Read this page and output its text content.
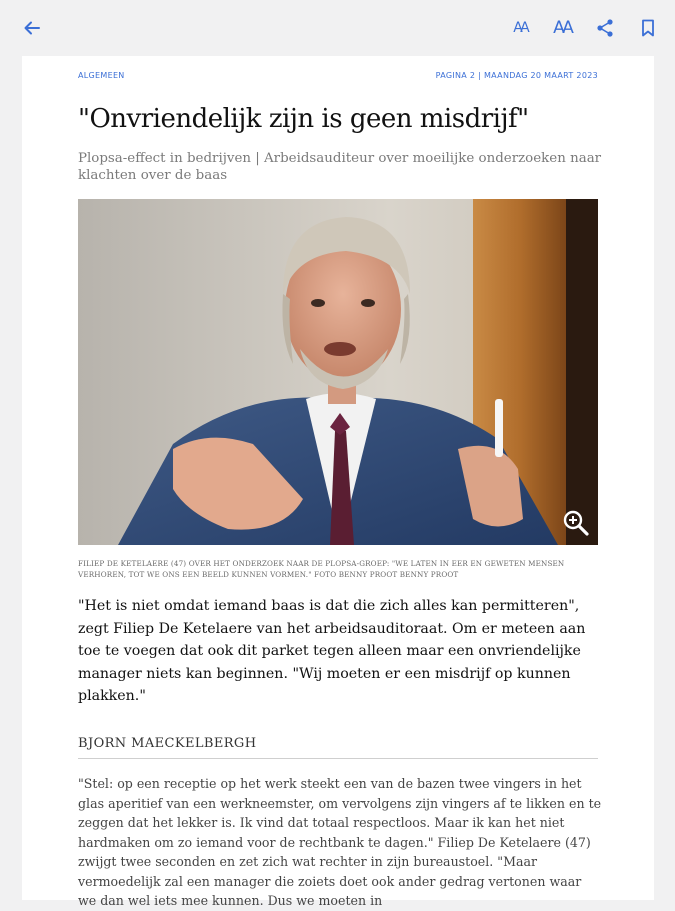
AA AA
ALGEMEEN	PAGINA 2 | MAANDAG 20 MAART 2023
"Onvriendelijk zijn is geen misdrijf"

Plopsa-effect in bedrijven | Arbeidsauditeur over moeilijke onderzoeken naar klachten over de baas

FILIEP DE KETELAERE (47) OVER HET ONDERZOEK NAAR DE PLOPSA-GROEP: "WE LATEN IN EER EN GEWETEN MENSEN VERHOREN, TOT WE ONS EEN BEELD KUNNEN VORMEN." FOTO BENNY PROOT BENNY PROOT

"Het is niet omdat iemand baas is dat die zich alles kan permitteren", zegt Filiep De Ketelaere van het arbeidsauditoraat. Om er meteen aan toe te voegen dat ook dit parket tegen alleen maar een onvriendelijke manager niets kan beginnen. "Wij moeten er een misdrijf op kunnen plakken."

BJORN MAECKELBERGH

"Stel: op een receptie op het werk steekt een van de bazen twee vingers in het glas aperitief van een werkneemster, om vervolgens zijn vingers af te likken en te zeggen dat het lekker is. Ik vind dat totaal respectloos. Maar ik kan het niet hardmaken om zo iemand voor de rechtbank te dagen." Filiep De Ketelaere (47) zwijgt twee seconden en zet zich wat rechter in zijn bureaustoel. "Maar vermoedelijk zal een manager die zoiets doet ook ander gedrag vertonen waar we dan wel iets mee kunnen. Dus we moeten in
